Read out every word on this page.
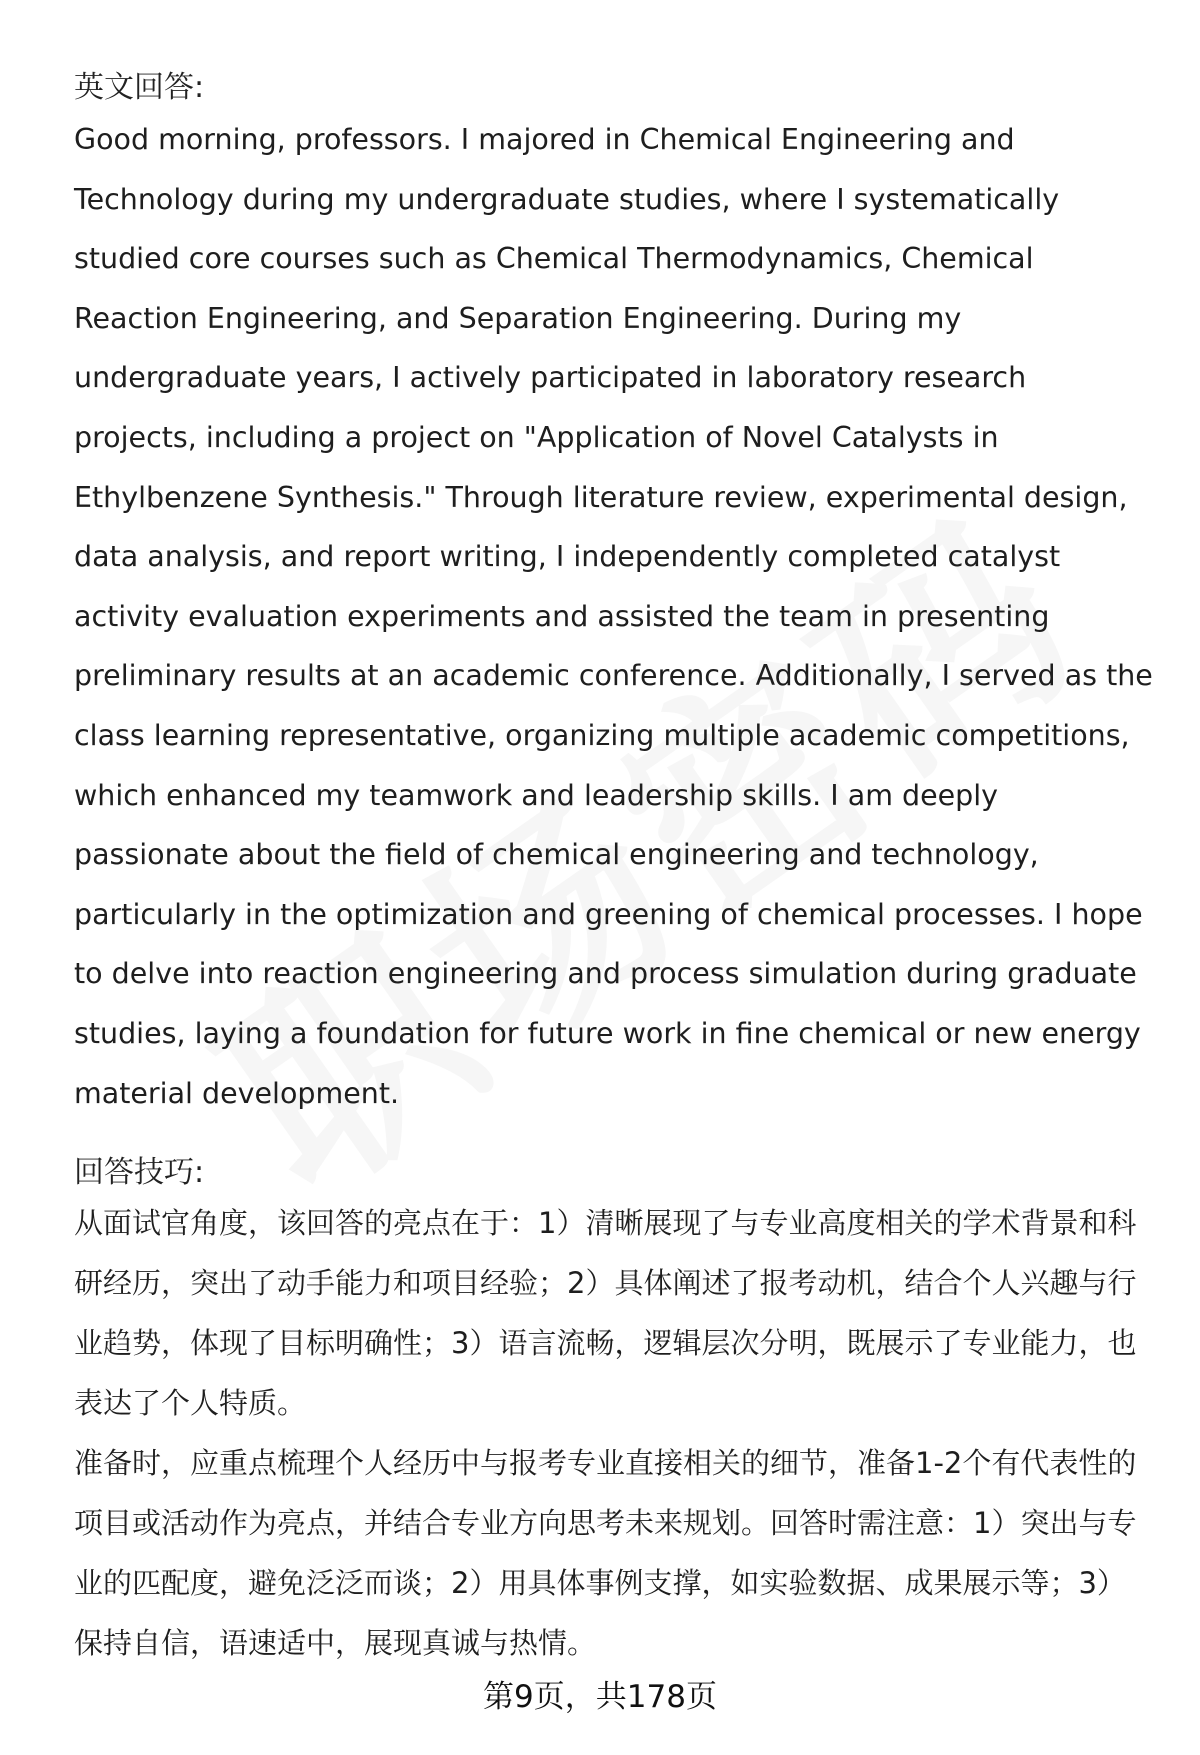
英文回答:

Good morning, professors. I majored in Chemical Engineering and Technology during my undergraduate studies, where I systematically studied core courses such as Chemical Thermodynamics, Chemical Reaction Engineering, and Separation Engineering. During my undergraduate years, I actively participated in laboratory research projects, including a project on "Application of Novel Catalysts in Ethylbenzene Synthesis." Through literature review, experimental design, data analysis, and report writing, I independently completed catalyst activity evaluation experiments and assisted the team in presenting preliminary results at an academic conference. Additionally, I served as the class learning representative, organizing multiple academic competitions, which enhanced my teamwork and leadership skills. I am deeply passionate about the field of chemical engineering and technology, particularly in the optimization and greening of chemical processes. I hope to delve into reaction engineering and process simulation during graduate studies, laying a foundation for future work in fine chemical or new energy material development.

回答技巧:

从面试官角度，该回答的亮点在于：1）清晰展现了与专业高度相关的学术背景和科研经历，突出了动手能力和项目经验；2）具体阐述了报考动机，结合个人兴趣与行业趋势，体现了目标明确性；3）语言流畅，逻辑层次分明，既展示了专业能力，也表达了个人特质。

准备时，应重点梳理个人经历中与报考专业直接相关的细节，准备1-2个有代表性的项目或活动作为亮点，并结合专业方向思考未来规划。回答时需注意：1）突出与专业的匹配度，避免泛泛而谈；2）用具体事例支撑，如实验数据、成果展示等；3）保持自信，语速适中，展现真诚与热情。

第9页，共178页
